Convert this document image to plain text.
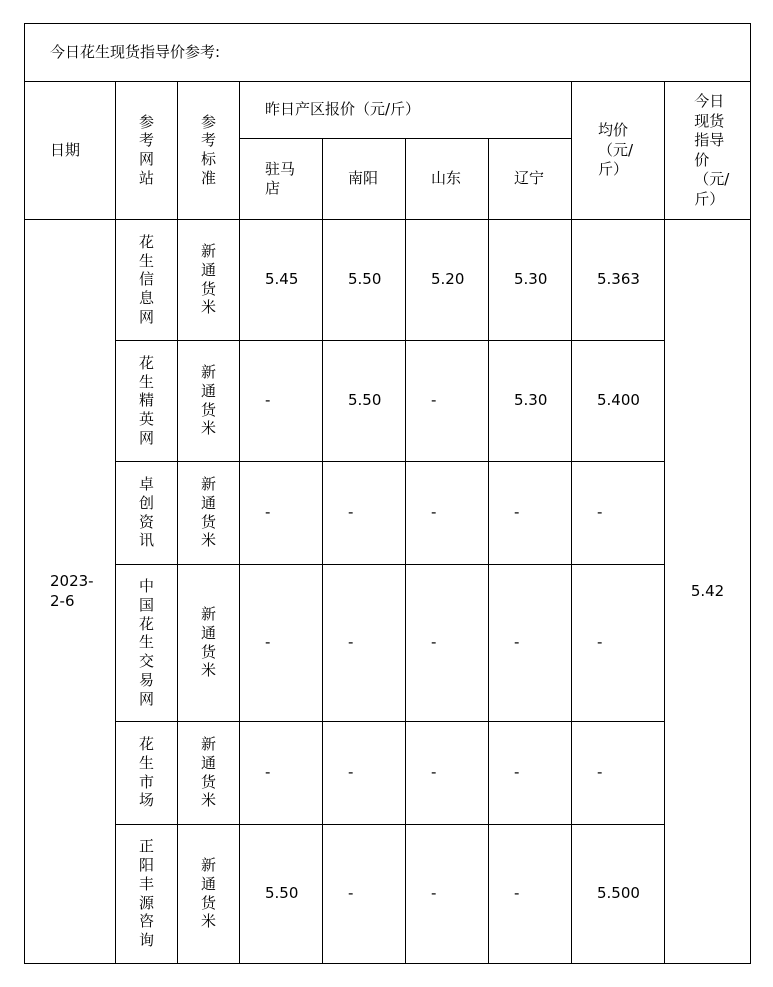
今日花生现货指导价参考:								
日期	参考网站	参考标准	昨日产区报价（元/斤）				均价（元/斤）	今日现货指导价（元/斤）
			驻马店	南阳	山东	辽宁		
2023-2-6	花生信息网	新通货米	5.45	5.50	5.20	5.30	5.363	5.42
	花生精英网	新通货米	-	5.50	-	5.30	5.400	
	卓创资讯	新通货米	-	-	-	-	-	
	中国花生交易网	新通货米	-	-	-	-	-	
	花生市场	新通货米	-	-	-	-	-	
	正阳丰源咨询	新通货米	5.50	-	-	-	5.500	
